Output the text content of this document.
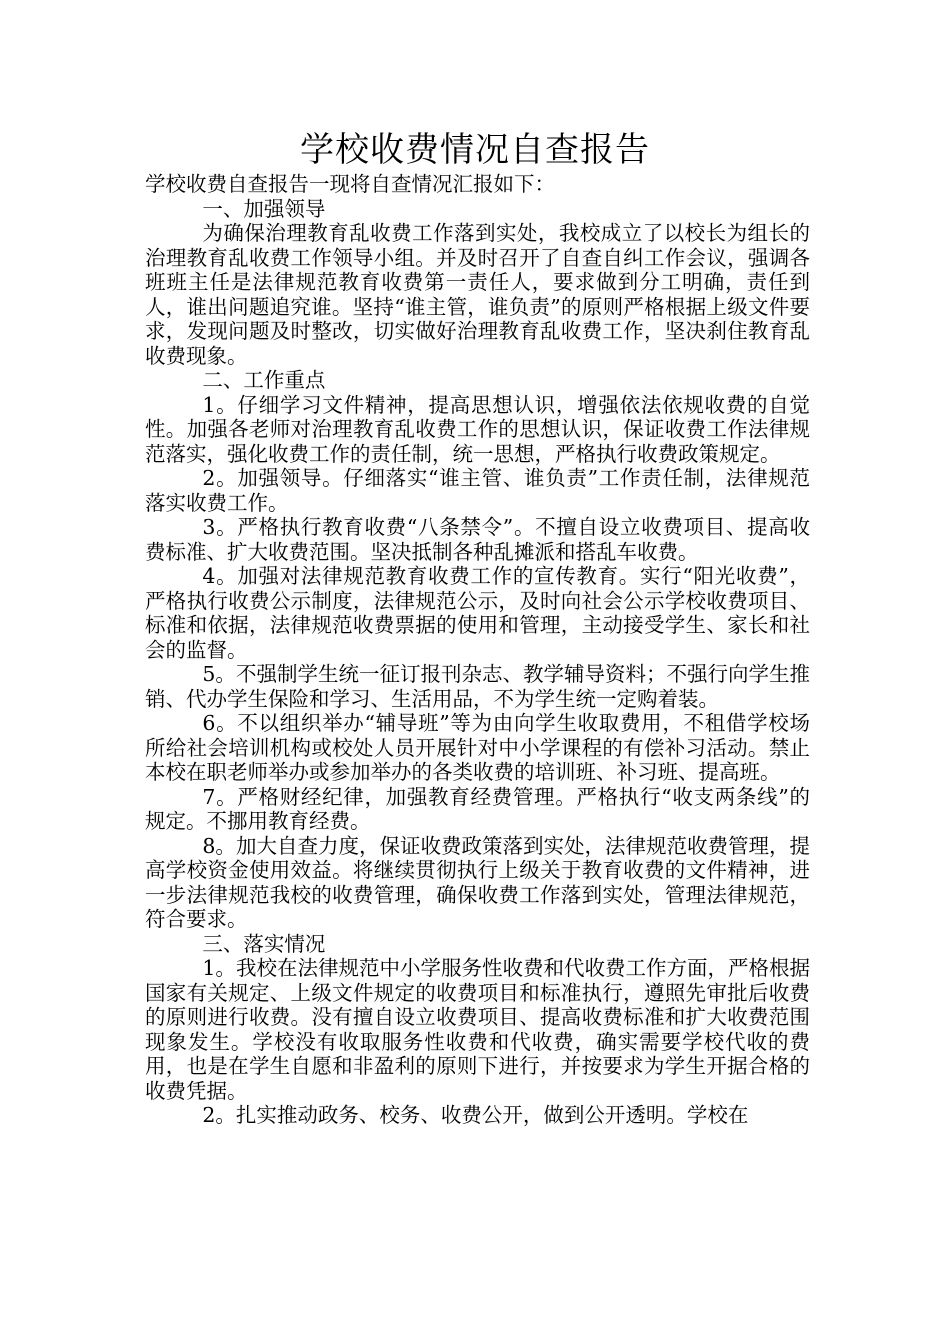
学校收费情况自查报告

学校收费自查报告一现将自查情况汇报如下：

一、加强领导

为确保治理教育乱收费工作落到实处，我校成立了以校长为组长的治理教育乱收费工作领导小组。并及时召开了自查自纠工作会议，强调各班班主任是法律规范教育收费第一责任人，要求做到分工明确，责任到人，谁出问题追究谁。坚持“谁主管，谁负责”的原则严格根据上级文件要求，发现问题及时整改，切实做好治理教育乱收费工作，坚决刹住教育乱收费现象。

二、工作重点

1。仔细学习文件精神，提高思想认识，增强依法依规收费的自觉性。加强各老师对治理教育乱收费工作的思想认识，保证收费工作法律规范落实，强化收费工作的责任制，统一思想，严格执行收费政策规定。

2。加强领导。仔细落实“谁主管、谁负责”工作责任制，法律规范落实收费工作。

3。严格执行教育收费“八条禁令”。不擅自设立收费项目、提高收费标准、扩大收费范围。坚决抵制各种乱摊派和搭乱车收费。

4。加强对法律规范教育收费工作的宣传教育。实行“阳光收费”，严格执行收费公示制度，法律规范公示，及时向社会公示学校收费项目、标准和依据，法律规范收费票据的使用和管理，主动接受学生、家长和社会的监督。

5。不强制学生统一征订报刊杂志、教学辅导资料；不强行向学生推销、代办学生保险和学习、生活用品，不为学生统一定购着装。

6。不以组织举办“辅导班”等为由向学生收取费用，不租借学校场所给社会培训机构或校处人员开展针对中小学课程的有偿补习活动。禁止本校在职老师举办或参加举办的各类收费的培训班、补习班、提高班。

7。严格财经纪律，加强教育经费管理。严格执行“收支两条线”的规定。不挪用教育经费。

8。加大自查力度，保证收费政策落到实处，法律规范收费管理，提高学校资金使用效益。将继续贯彻执行上级关于教育收费的文件精神，进一步法律规范我校的收费管理，确保收费工作落到实处，管理法律规范，符合要求。

三、落实情况

1。我校在法律规范中小学服务性收费和代收费工作方面，严格根据国家有关规定、上级文件规定的收费项目和标准执行，遵照先审批后收费的原则进行收费。没有擅自设立收费项目、提高收费标准和扩大收费范围现象发生。学校没有收取服务性收费和代收费，确实需要学校代收的费用，也是在学生自愿和非盈利的原则下进行，并按要求为学生开据合格的收费凭据。

2。扎实推动政务、校务、收费公开，做到公开透明。学校在
